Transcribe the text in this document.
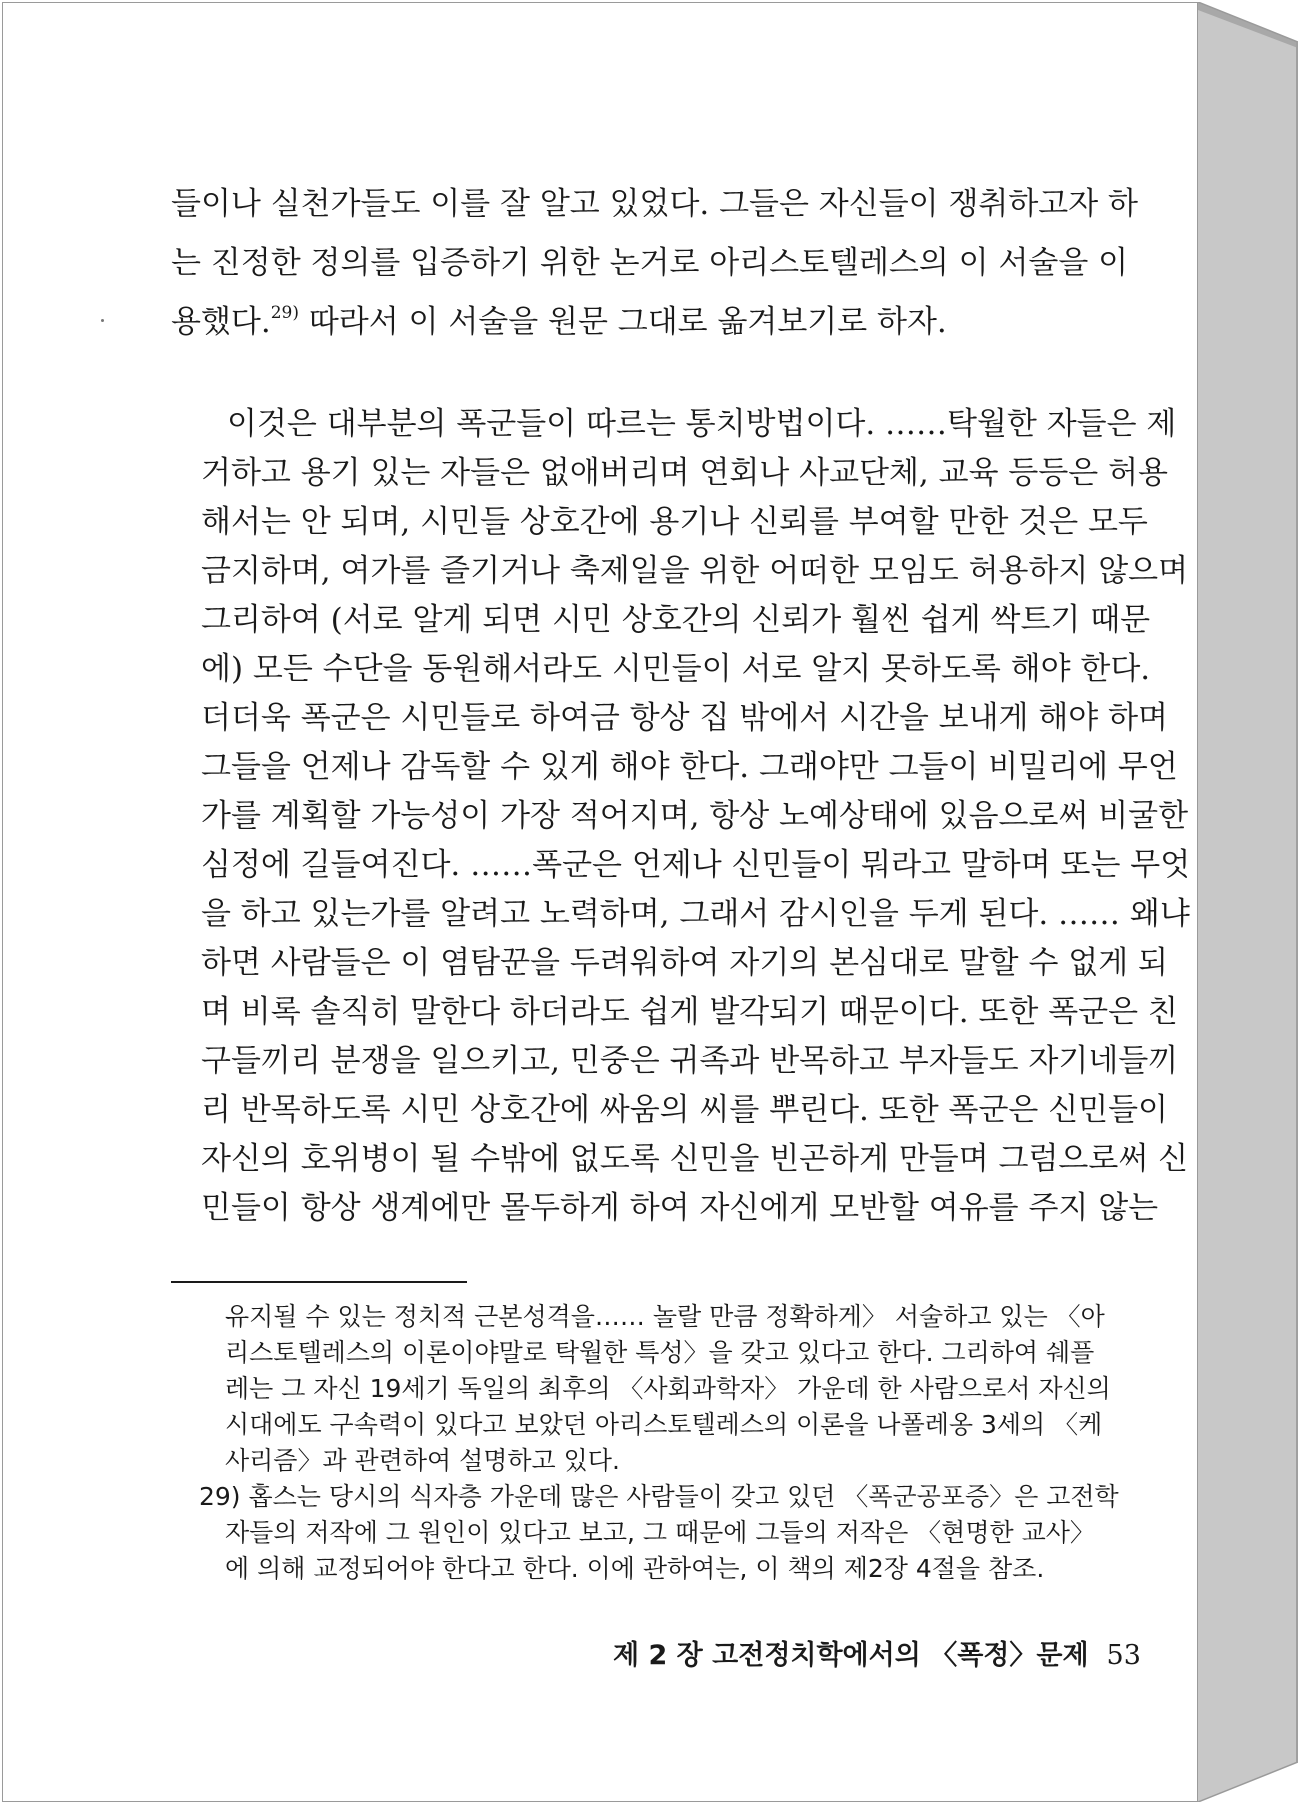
들이나 실천가들도 이를 잘 알고 있었다. 그들은 자신들이 쟁취하고자 하
는 진정한 정의를 입증하기 위한 논거로 아리스토텔레스의 이 서술을 이
용했다.$^{29)}$ 따라서 이 서술을 원문 그대로 옮겨보기로 하자.
이것은 대부분의 폭군들이 따르는 통치방법이다. ……탁월한 자들은 제
거하고 용기 있는 자들은 없애버리며 연회나 사교단체, 교육 등등은 허용
해서는 안 되며, 시민들 상호간에 용기나 신뢰를 부여할 만한 것은 모두
금지하며, 여가를 즐기거나 축제일을 위한 어떠한 모임도 허용하지 않으며
그리하여 (서로 알게 되면 시민 상호간의 신뢰가 훨씬 쉽게 싹트기 때문
에) 모든 수단을 동원해서라도 시민들이 서로 알지 못하도록 해야 한다.
더더욱 폭군은 시민들로 하여금 항상 집 밖에서 시간을 보내게 해야 하며
그들을 언제나 감독할 수 있게 해야 한다. 그래야만 그들이 비밀리에 무언
가를 계획할 가능성이 가장 적어지며, 항상 노예상태에 있음으로써 비굴한
심정에 길들여진다. ……폭군은 언제나 신민들이 뭐라고 말하며 또는 무엇
을 하고 있는가를 알려고 노력하며, 그래서 감시인을 두게 된다. …… 왜냐
하면 사람들은 이 염탐꾼을 두려워하여 자기의 본심대로 말할 수 없게 되
며 비록 솔직히 말한다 하더라도 쉽게 발각되기 때문이다. 또한 폭군은 친
구들끼리 분쟁을 일으키고, 민중은 귀족과 반목하고 부자들도 자기네들끼
리 반목하도록 시민 상호간에 싸움의 씨를 뿌린다. 또한 폭군은 신민들이
자신의 호위병이 될 수밖에 없도록 신민을 빈곤하게 만들며 그럼으로써 신
민들이 항상 생계에만 몰두하게 하여 자신에게 모반할 여유를 주지 않는
유지될 수 있는 정치적 근본성격을…… 놀랄 만큼 정확하게〉 서술하고 있는 〈아
리스토텔레스의 이론이야말로 탁월한 특성〉을 갖고 있다고 한다. 그리하여 쉐플
레는 그 자신 19세기 독일의 최후의 〈사회과학자〉 가운데 한 사람으로서 자신의
시대에도 구속력이 있다고 보았던 아리스토텔레스의 이론을 나폴레옹 3세의 〈케
사리즘〉과 관련하여 설명하고 있다.
29) 홉스는 당시의 식자층 가운데 많은 사람들이 갖고 있던 〈폭군공포증〉은 고전학
자들의 저작에 그 원인이 있다고 보고, 그 때문에 그들의 저작은 〈현명한 교사〉
에 의해 교정되어야 한다고 한다. 이에 관하여는, 이 책의 제2장 4절을 참조.
제 2 장 고전정치학에서의 〈폭정〉문제 53
